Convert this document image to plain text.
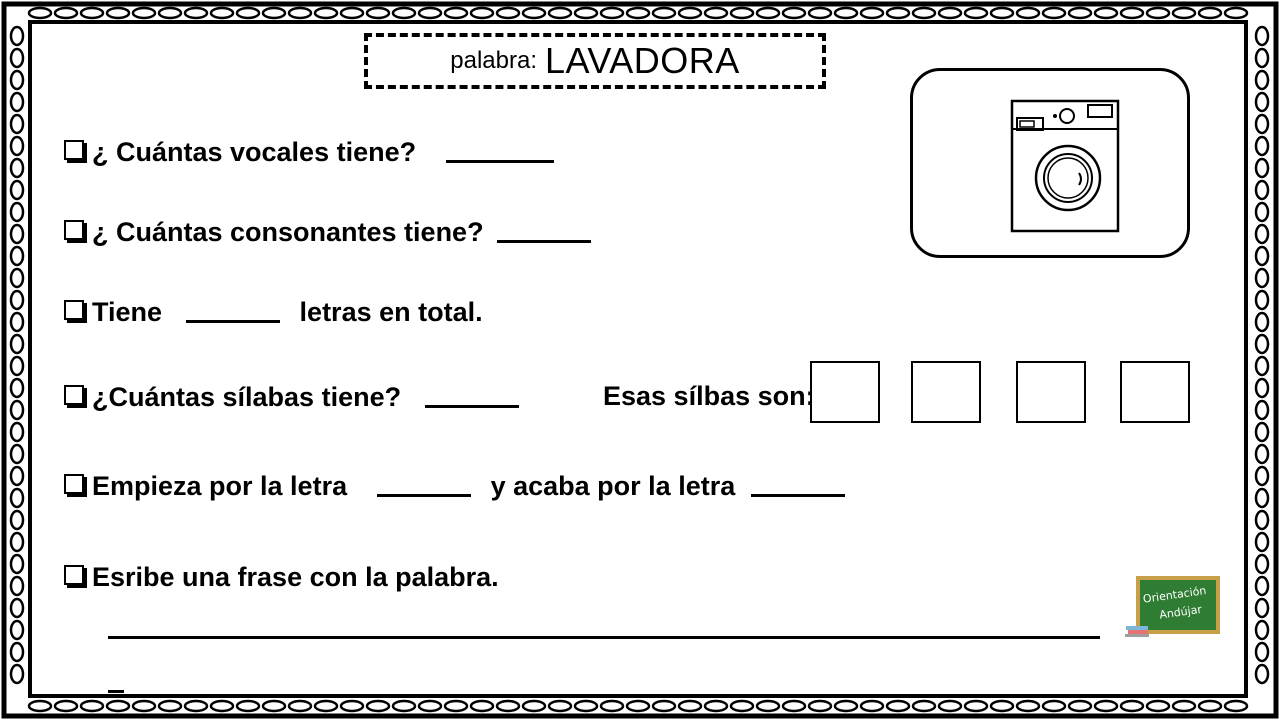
palabra: LAVADORA
¿ Cuántas vocales tiene?
¿ Cuántas consonantes tiene?
Tiene	letras en total.
¿Cuántas sílabas tiene?	Esas sílbas son:
Empieza por la letra	y acaba por la letra
Esribe una frase con la palabra.
Orientación
Andújar
